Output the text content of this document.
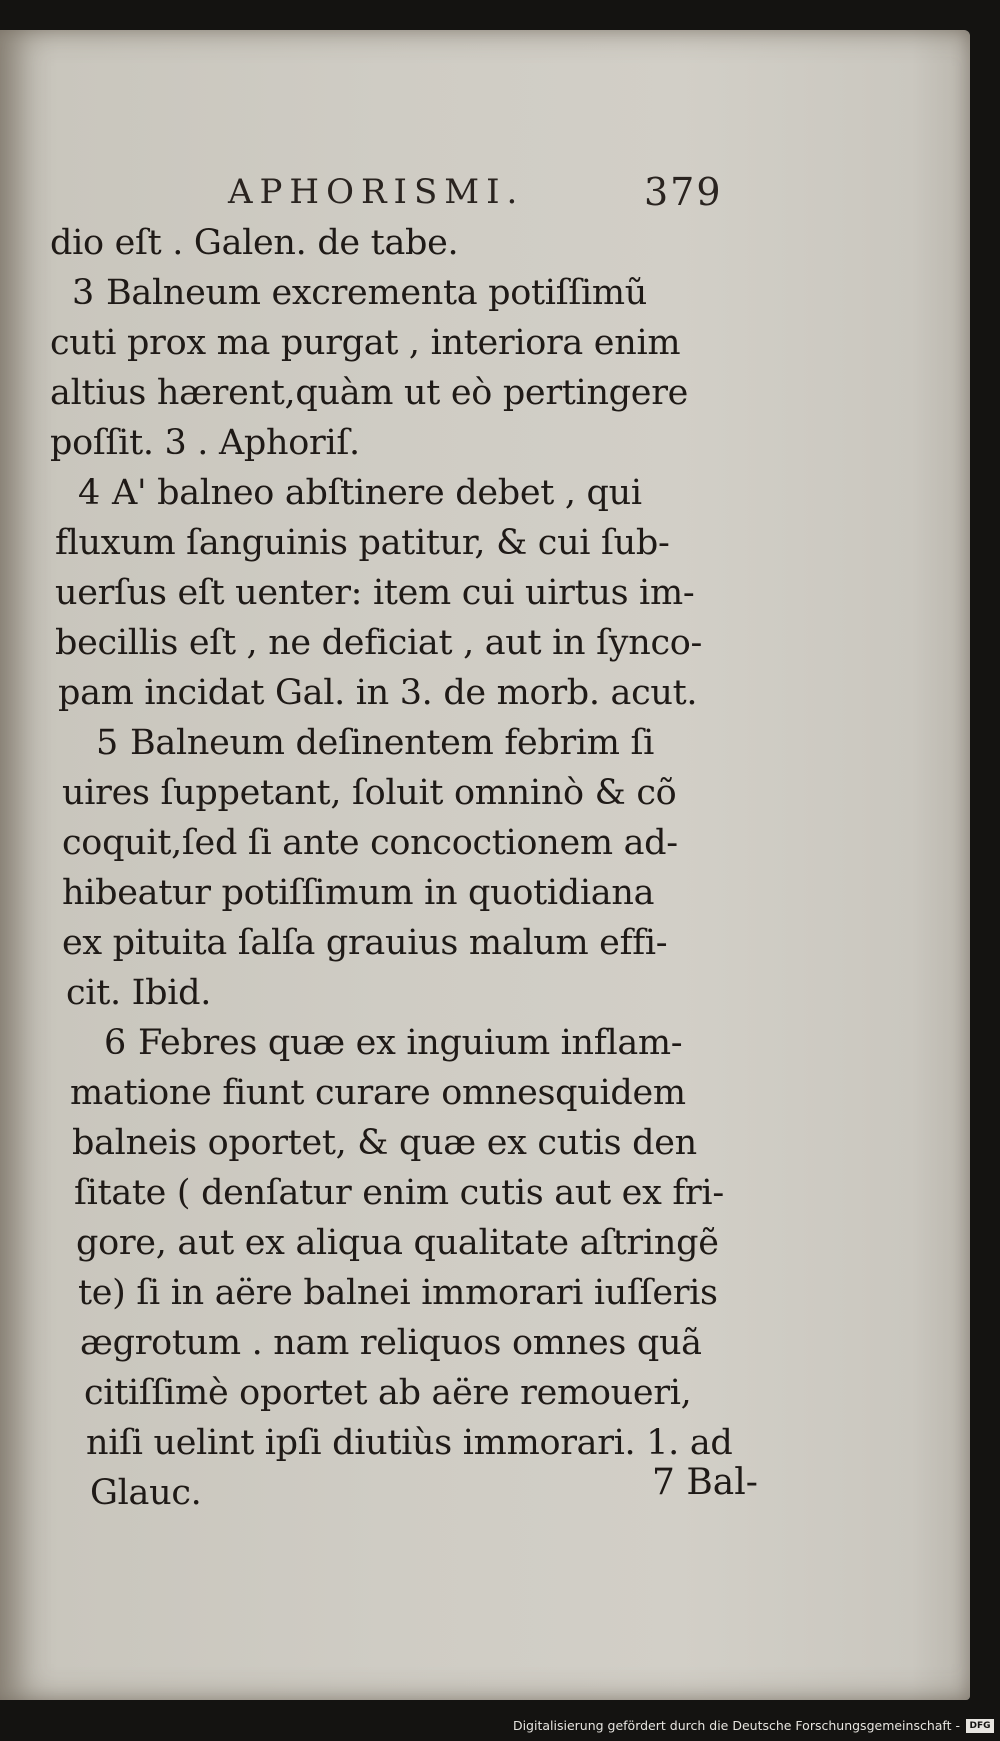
APHORISMI.	379
dio eſt . Galen. de tabe.
3 Balneum excrementa potiſſimũ
cuti prox ma purgat , interiora enim
altius hærent,quàm ut eò pertingere
poſſit. 3 . Aphoriſ.
4 A' balneo abſtinere debet , qui
fluxum ſanguinis patitur, & cui ſub-
uerſus eſt uenter: item cui uirtus im-
becillis eſt , ne deficiat , aut in ſynco-
pam incidat Gal. in 3. de morb. acut.
5 Balneum deſinentem febrim ſi
uires ſuppetant, ſoluit omninò & cõ
coquit,ſed ſi ante concoctionem ad-
hibeatur potiſſimum in quotidiana
ex pituita ſalſa grauius malum effi-
cit. Ibid.
6 Febres quæ ex inguium inflam-
matione fiunt curare omnesquidem
balneis oportet, & quæ ex cutis den
ſitate ( denſatur enim cutis aut ex fri-
gore, aut ex aliqua qualitate aſtringẽ
te) ſi in aëre balnei immorari iuſſeris
ægrotum . nam reliquos omnes quã
citiſſimè oportet ab aëre remoueri,
niſi uelint ipſi diutiùs immorari. 1. ad
Glauc.	7 Bal-
Digitalisierung gefördert durch die Deutsche Forschungsgemeinschaft -	DFG
